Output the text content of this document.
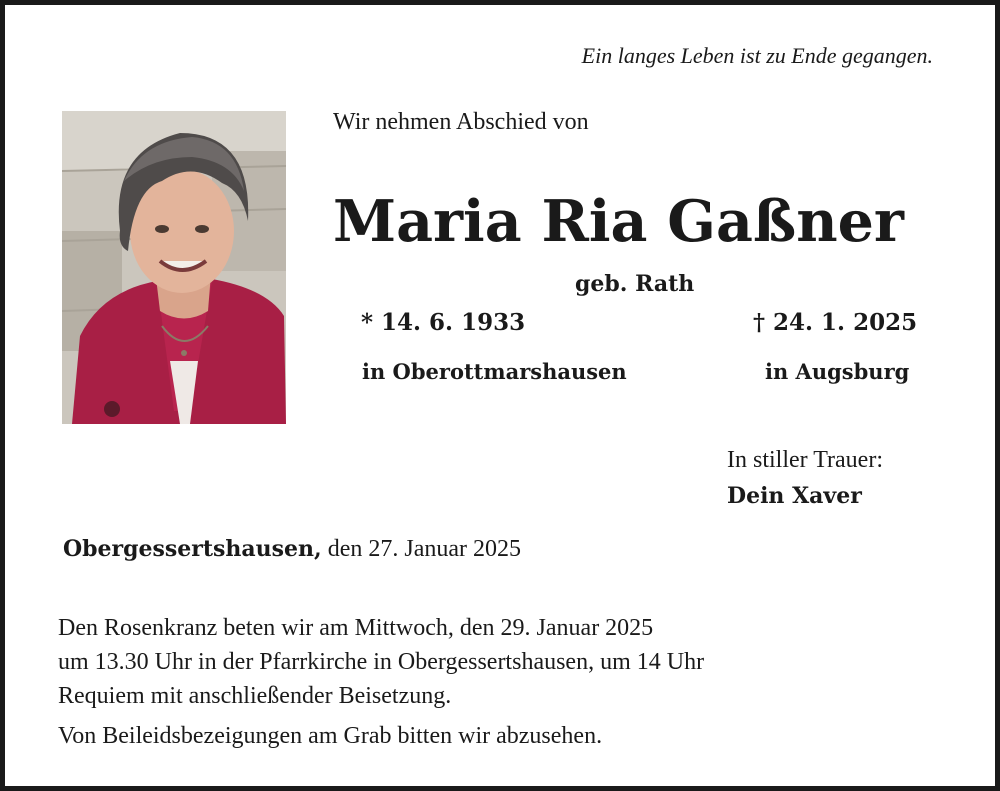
Ein langes Leben ist zu Ende gegangen.
Wir nehmen Abschied von
Maria Ria Gaßner
geb. Rath
* 14. 6. 1933	† 24. 1. 2025
in Oberottmarshausen	in Augsburg
In stiller Trauer:
Dein Xaver
Obergessertshausen, den 27. Januar 2025
Den Rosenkranz beten wir am Mittwoch, den 29. Januar 2025
um 13.30 Uhr in der Pfarrkirche in Obergessertshausen, um 14 Uhr
Requiem mit anschließender Beisetzung.
Von Beileidsbezeigungen am Grab bitten wir abzusehen.
